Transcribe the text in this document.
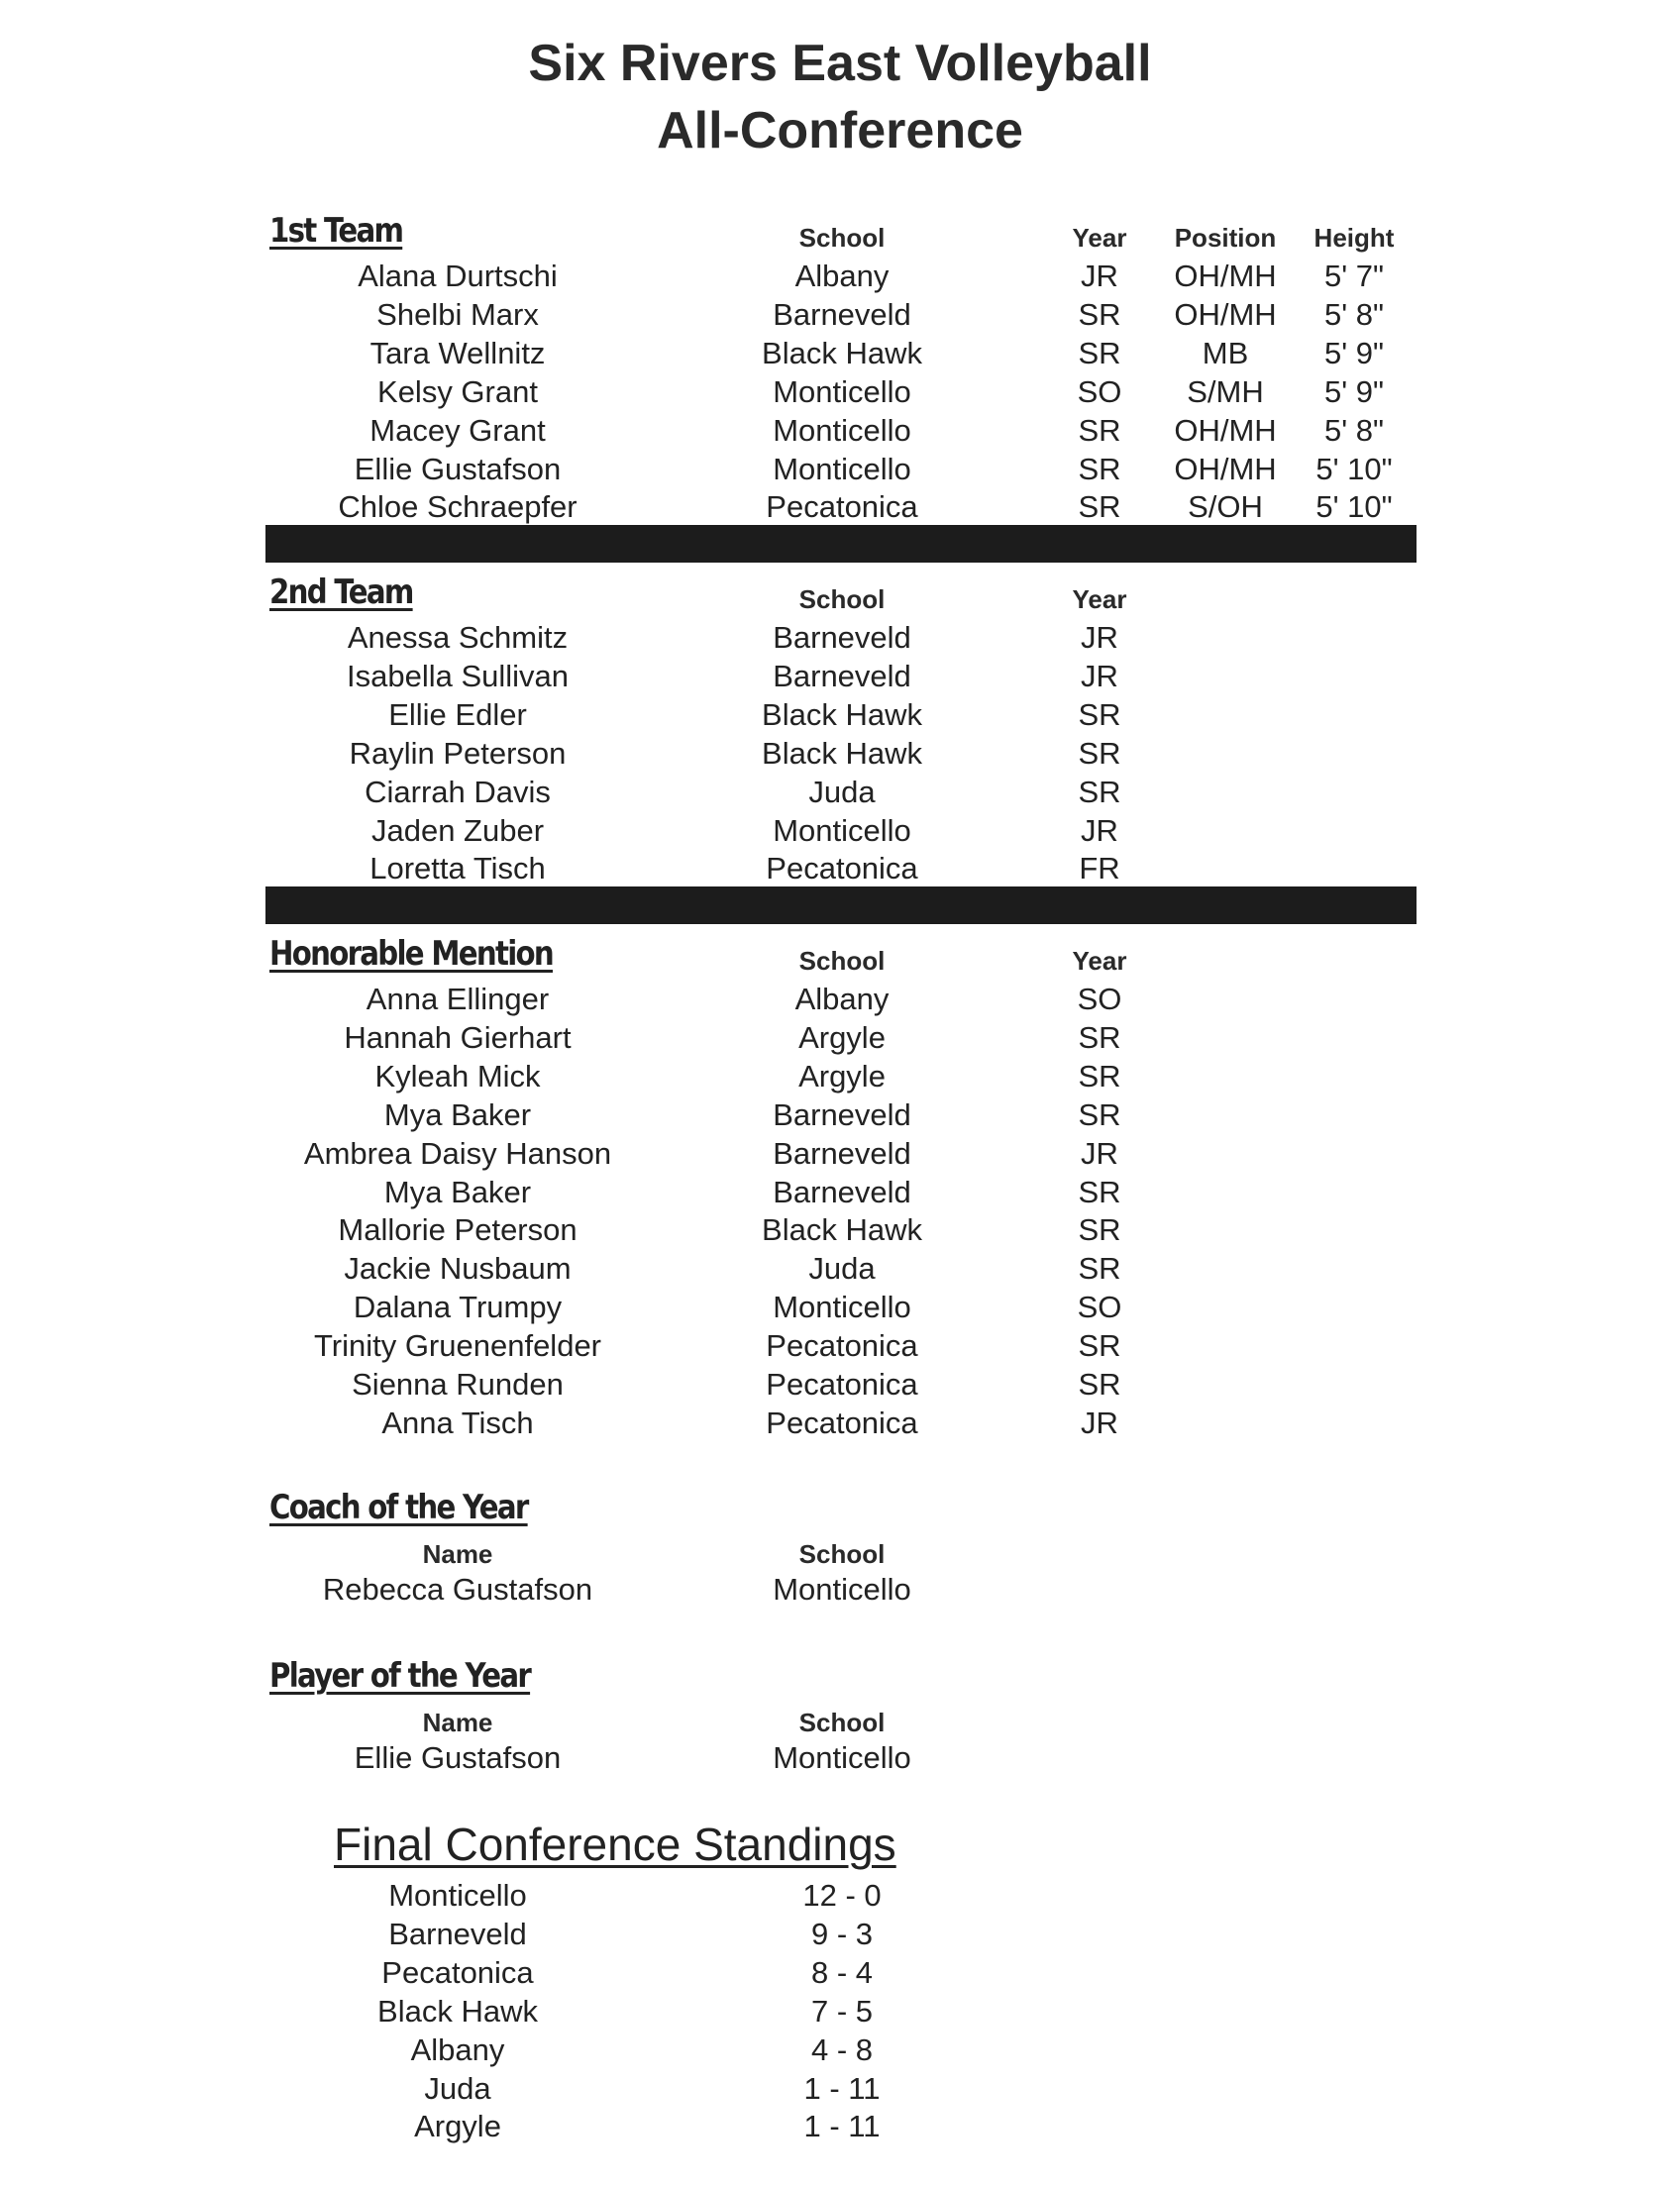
Six Rivers East Volleyball
All-Conference
1st Team	School	Year	Position	Height
Alana Durtschi	Albany	JR	OH/MH	5' 7"
Shelbi Marx	Barneveld	SR	OH/MH	5' 8"
Tara Wellnitz	Black Hawk	SR	MB	5' 9"
Kelsy Grant	Monticello	SO	S/MH	5' 9"
Macey Grant	Monticello	SR	OH/MH	5' 8"
Ellie Gustafson	Monticello	SR	OH/MH	5' 10"
Chloe Schraepfer	Pecatonica	SR	S/OH	5' 10"
2nd Team	School	Year
Anessa Schmitz	Barneveld	JR
Isabella Sullivan	Barneveld	JR
Ellie Edler	Black Hawk	SR
Raylin Peterson	Black Hawk	SR
Ciarrah Davis	Juda	SR
Jaden Zuber	Monticello	JR
Loretta Tisch	Pecatonica	FR
Honorable Mention	School	Year
Anna Ellinger	Albany	SO
Hannah Gierhart	Argyle	SR
Kyleah Mick	Argyle	SR
Mya Baker	Barneveld	SR
Ambrea Daisy Hanson	Barneveld	JR
Mya Baker	Barneveld	SR
Mallorie Peterson	Black Hawk	SR
Jackie Nusbaum	Juda	SR
Dalana Trumpy	Monticello	SO
Trinity Gruenenfelder	Pecatonica	SR
Sienna Runden	Pecatonica	SR
Anna Tisch	Pecatonica	JR
Coach of the Year
Name	School
Rebecca Gustafson	Monticello
Player of the Year
Name	School
Ellie Gustafson	Monticello
Final Conference Standings
Monticello	12 - 0
Barneveld	9 - 3
Pecatonica	8 - 4
Black Hawk	7 - 5
Albany	4 - 8
Juda	1 - 11
Argyle	1 - 11
